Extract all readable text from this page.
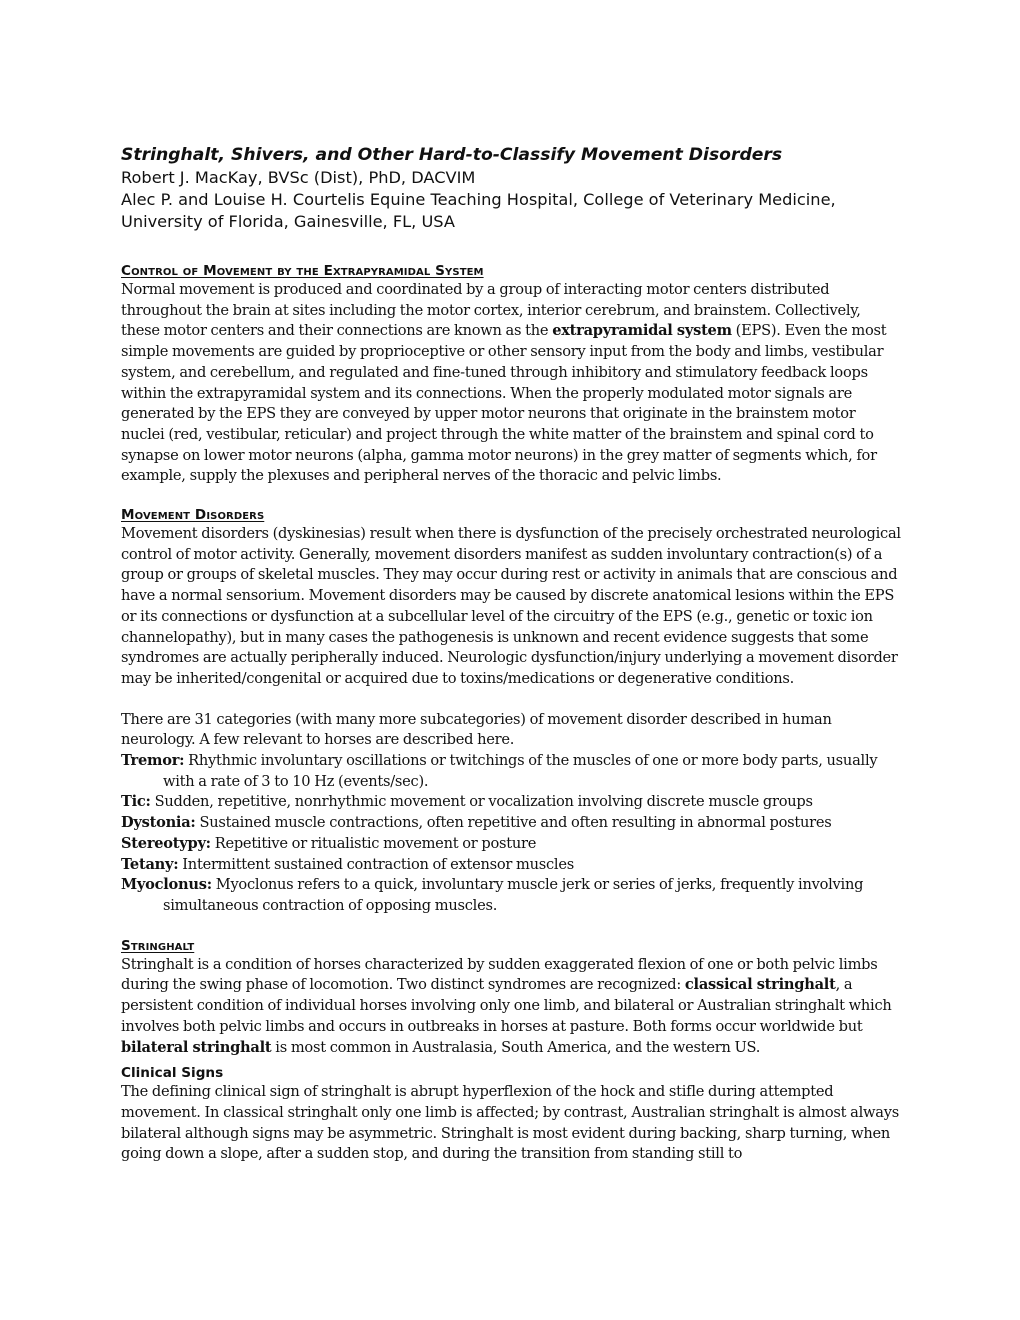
Stringhalt, Shivers, and Other Hard-to-Classify Movement Disorders

Robert J. MacKay, BVSc (Dist), PhD, DACVIM

Alec P. and Louise H. Courtelis Equine Teaching Hospital, College of Veterinary Medicine, University of Florida, Gainesville, FL, USA

Control of Movement by the Extrapyramidal System

Normal movement is produced and coordinated by a group of interacting motor centers distributed throughout the brain at sites including the motor cortex, interior cerebrum, and brainstem. Collectively, these motor centers and their connections are known as the extrapyramidal system (EPS). Even the most simple movements are guided by proprioceptive or other sensory input from the body and limbs, vestibular system, and cerebellum, and regulated and fine-tuned through inhibitory and stimulatory feedback loops within the extrapyramidal system and its connections. When the properly modulated motor signals are generated by the EPS they are conveyed by upper motor neurons that originate in the brainstem motor nuclei (red, vestibular, reticular) and project through the white matter of the brainstem and spinal cord to synapse on lower motor neurons (alpha, gamma motor neurons) in the grey matter of segments which, for example, supply the plexuses and peripheral nerves of the thoracic and pelvic limbs.

Movement Disorders

Movement disorders (dyskinesias) result when there is dysfunction of the precisely orchestrated neurological control of motor activity. Generally, movement disorders manifest as sudden involuntary contraction(s) of a group or groups of skeletal muscles. They may occur during rest or activity in animals that are conscious and have a normal sensorium. Movement disorders may be caused by discrete anatomical lesions within the EPS or its connections or dysfunction at a subcellular level of the circuitry of the EPS (e.g., genetic or toxic ion channelopathy), but in many cases the pathogenesis is unknown and recent evidence suggests that some syndromes are actually peripherally induced. Neurologic dysfunction/injury underlying a movement disorder may be inherited/congenital or acquired due to toxins/medications or degenerative conditions.

There are 31 categories (with many more subcategories) of movement disorder described in human neurology. A few relevant to horses are described here.

Tremor: Rhythmic involuntary oscillations or twitchings of the muscles of one or more body parts, usually with a rate of 3 to 10 Hz (events/sec).
Tic: Sudden, repetitive, nonrhythmic movement or vocalization involving discrete muscle groups
Dystonia: Sustained muscle contractions, often repetitive and often resulting in abnormal postures
Stereotypy: Repetitive or ritualistic movement or posture
Tetany: Intermittent sustained contraction of extensor muscles
Myoclonus: Myoclonus refers to a quick, involuntary muscle jerk or series of jerks, frequently involving simultaneous contraction of opposing muscles.
Stringhalt

Stringhalt is a condition of horses characterized by sudden exaggerated flexion of one or both pelvic limbs during the swing phase of locomotion. Two distinct syndromes are recognized: classical stringhalt, a persistent condition of individual horses involving only one limb, and bilateral or Australian stringhalt which involves both pelvic limbs and occurs in outbreaks in horses at pasture. Both forms occur worldwide but bilateral stringhalt is most common in Australasia, South America, and the western US.

Clinical Signs

The defining clinical sign of stringhalt is abrupt hyperflexion of the hock and stifle during attempted movement. In classical stringhalt only one limb is affected; by contrast, Australian stringhalt is almost always bilateral although signs may be asymmetric. Stringhalt is most evident during backing, sharp turning, when going down a slope, after a sudden stop, and during the transition from standing still to
